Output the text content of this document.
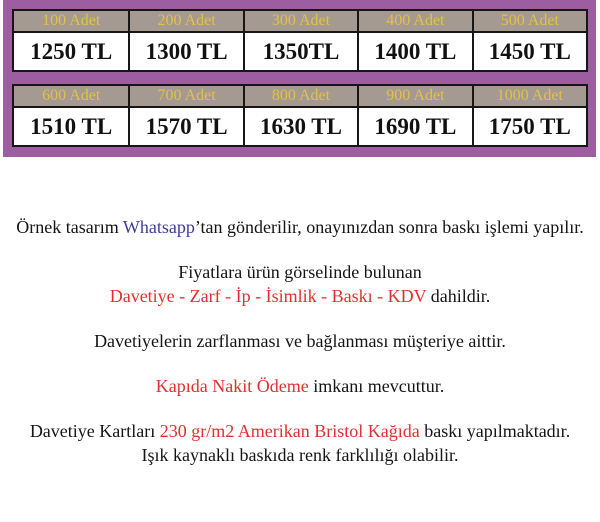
100 Adet	200 Adet	300 Adet	400 Adet	500 Adet
1250 TL	1300 TL	1350TL	1400 TL	1450 TL
600 Adet	700 Adet	800 Adet	900 Adet	1000 Adet
1510 TL	1570 TL	1630 TL	1690 TL	1750 TL

Örnek tasarım Whatsapp’tan gönderilir, onayınızdan sonra baskı işlemi yapılır.

Fiyatlara ürün görselinde bulunan
Davetiye - Zarf - İp - İsimlik - Baskı - KDV dahildir.

Davetiyelerin zarflanması ve bağlanması müşteriye aittir.

Kapıda Nakit Ödeme imkanı mevcuttur.

Davetiye Kartları 230 gr/m2 Amerikan Bristol Kağıda baskı yapılmaktadır.
Işık kaynaklı baskıda renk farklılığı olabilir.
